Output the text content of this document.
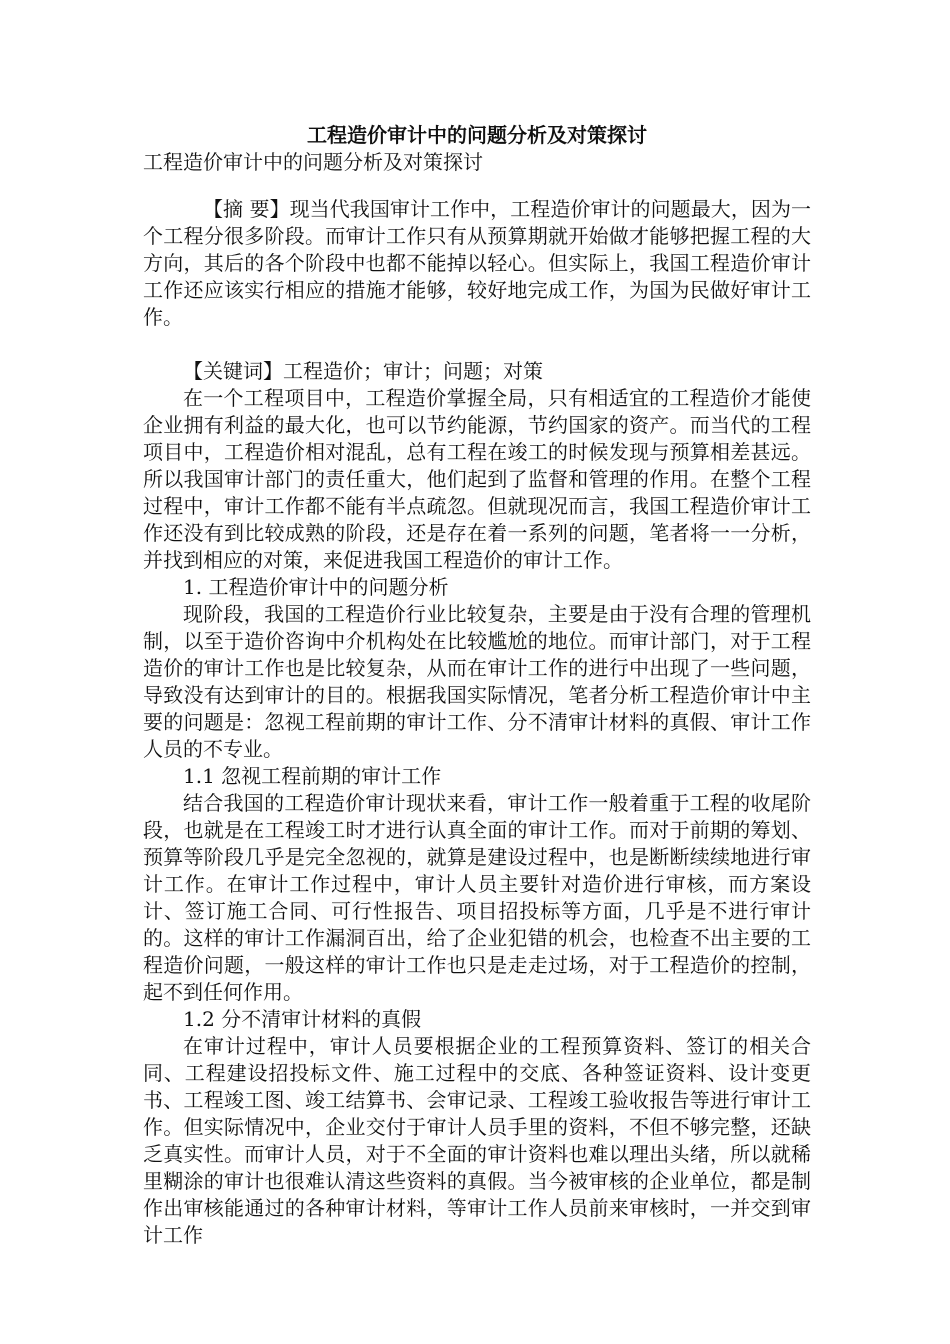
工程造价审计中的问题分析及对策探讨

工程造价审计中的问题分析及对策探讨

【摘 要】现当代我国审计工作中，工程造价审计的问题最大，因为一个工程分很多阶段。而审计工作只有从预算期就开始做才能够把握工程的大方向，其后的各个阶段中也都不能掉以轻心。但实际上，我国工程造价审计工作还应该实行相应的措施才能够，较好地完成工作，为国为民做好审计工作。

【关键词】工程造价；审计；问题；对策

在一个工程项目中，工程造价掌握全局，只有相适宜的工程造价才能使企业拥有利益的最大化，也可以节约能源，节约国家的资产。而当代的工程项目中，工程造价相对混乱，总有工程在竣工的时候发现与预算相差甚远。所以我国审计部门的责任重大，他们起到了监督和管理的作用。在整个工程过程中，审计工作都不能有半点疏忽。但就现况而言，我国工程造价审计工作还没有到比较成熟的阶段，还是存在着一系列的问题，笔者将一一分析，并找到相应的对策，来促进我国工程造价的审计工作。

1. 工程造价审计中的问题分析

现阶段，我国的工程造价行业比较复杂，主要是由于没有合理的管理机制，以至于造价咨询中介机构处在比较尴尬的地位。而审计部门，对于工程造价的审计工作也是比较复杂，从而在审计工作的进行中出现了一些问题，导致没有达到审计的目的。根据我国实际情况，笔者分析工程造价审计中主要的问题是：忽视工程前期的审计工作、分不清审计材料的真假、审计工作人员的不专业。

1.1 忽视工程前期的审计工作

结合我国的工程造价审计现状来看，审计工作一般着重于工程的收尾阶段，也就是在工程竣工时才进行认真全面的审计工作。而对于前期的筹划、预算等阶段几乎是完全忽视的，就算是建设过程中，也是断断续续地进行审计工作。在审计工作过程中，审计人员主要针对造价进行审核，而方案设计、签订施工合同、可行性报告、项目招投标等方面，几乎是不进行审计的。这样的审计工作漏洞百出，给了企业犯错的机会，也检查不出主要的工程造价问题，一般这样的审计工作也只是走走过场，对于工程造价的控制，起不到任何作用。

1.2 分不清审计材料的真假

在审计过程中，审计人员要根据企业的工程预算资料、签订的相关合同、工程建设招投标文件、施工过程中的交底、各种签证资料、设计变更书、工程竣工图、竣工结算书、会审记录、工程竣工验收报告等进行审计工作。但实际情况中，企业交付于审计人员手里的资料，不但不够完整，还缺乏真实性。而审计人员，对于不全面的审计资料也难以理出头绪，所以就稀里糊涂的审计也很难认清这些资料的真假。当今被审核的企业单位，都是制作出审核能通过的各种审计材料，等审计工作人员前来审核时，一并交到审计工作
